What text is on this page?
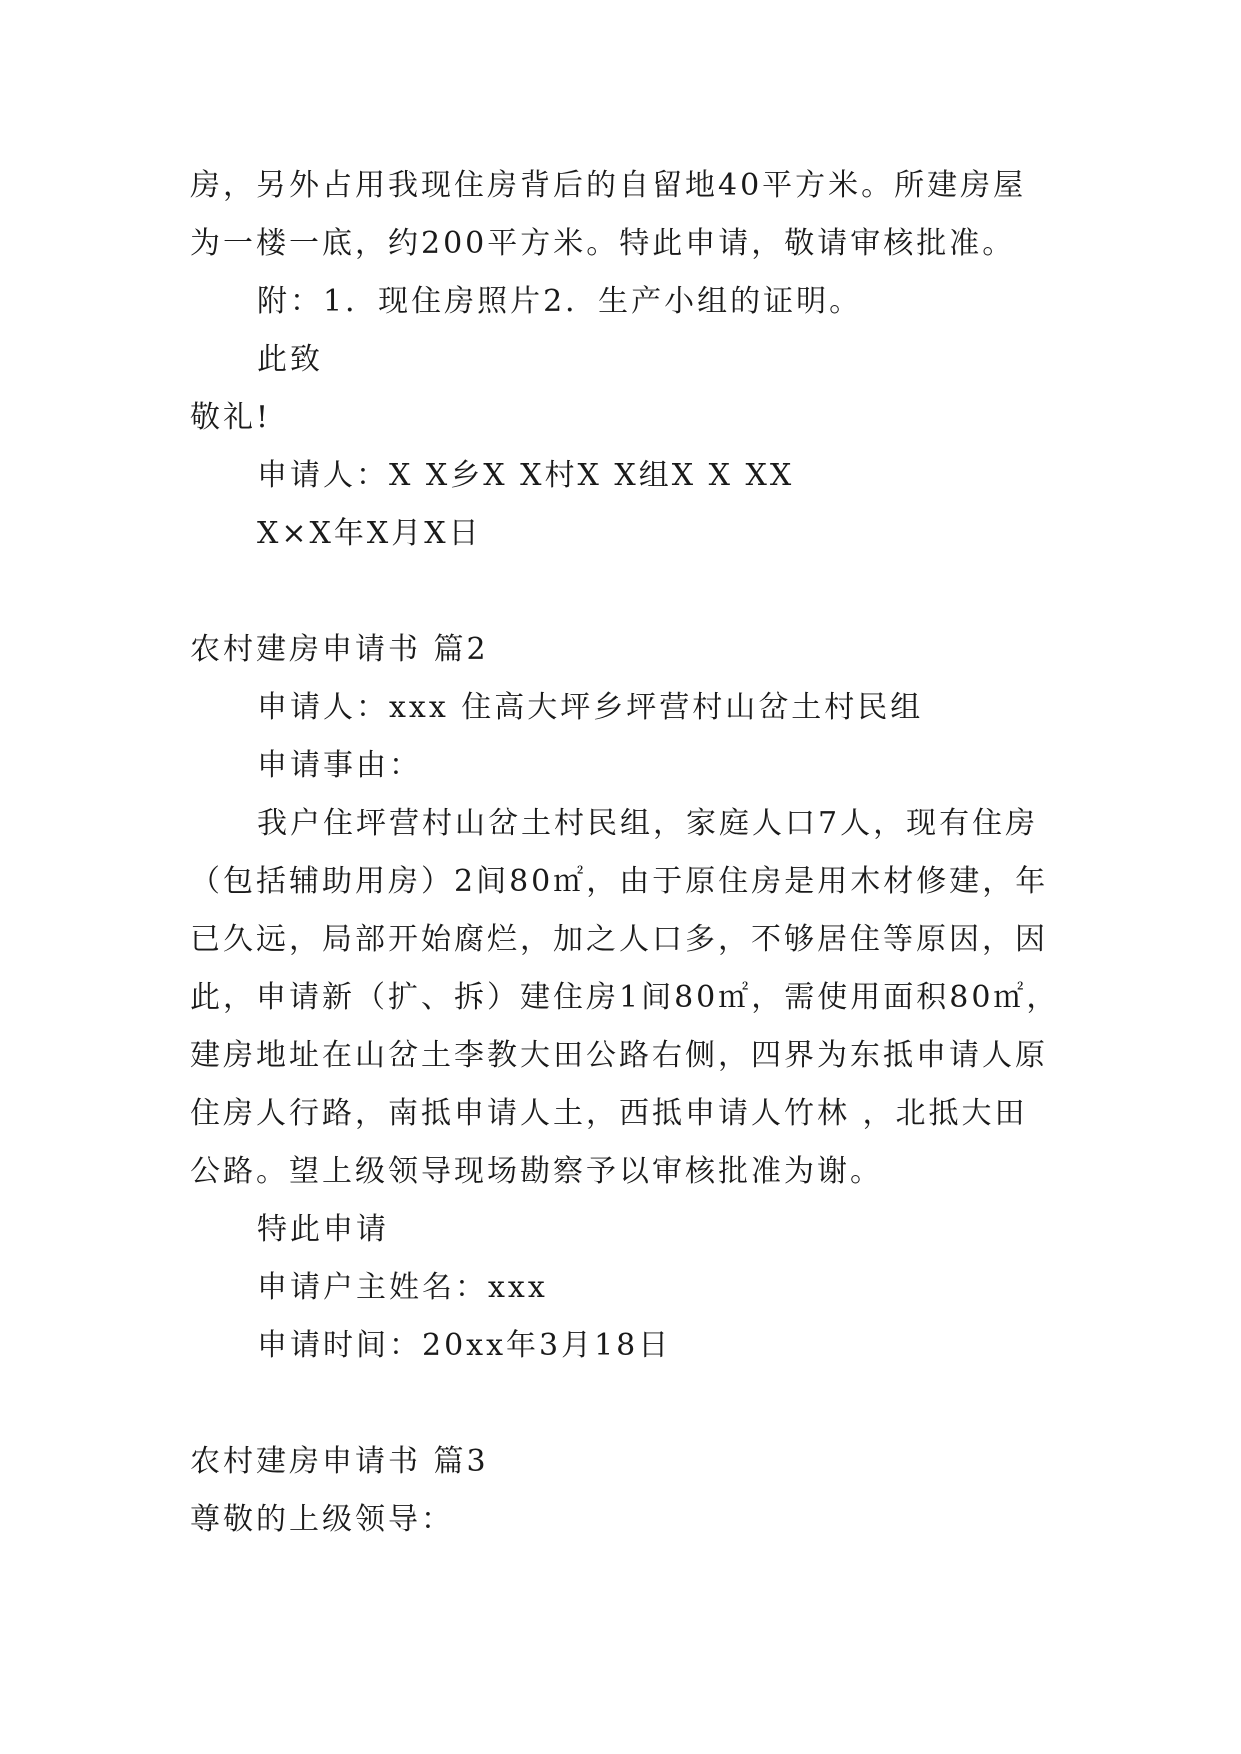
房，另外占用我现住房背后的自留地40平方米。所建房屋
为一楼一底，约200平方米。特此申请，敬请审核批准。
附：1．现住房照片2．生产小组的证明。
此致
敬礼!
申请人：X X乡X X村X X组X X XX
X×X年X月X日
农村建房申请书 篇2
申请人：xxx 住高大坪乡坪营村山岔土村民组
申请事由：
我户住坪营村山岔土村民组，家庭人口7人，现有住房
（包括辅助用房）2间80㎡，由于原住房是用木材修建，年
已久远，局部开始腐烂，加之人口多，不够居住等原因，因
此，申请新（扩、拆）建住房1间80㎡，需使用面积80㎡，
建房地址在山岔土李教大田公路右侧，四界为东抵申请人原
住房人行路，南抵申请人土，西抵申请人竹林 ，北抵大田
公路。望上级领导现场勘察予以审核批准为谢。
特此申请
申请户主姓名：xxx
申请时间：20xx年3月18日
农村建房申请书 篇3
尊敬的上级领导：
